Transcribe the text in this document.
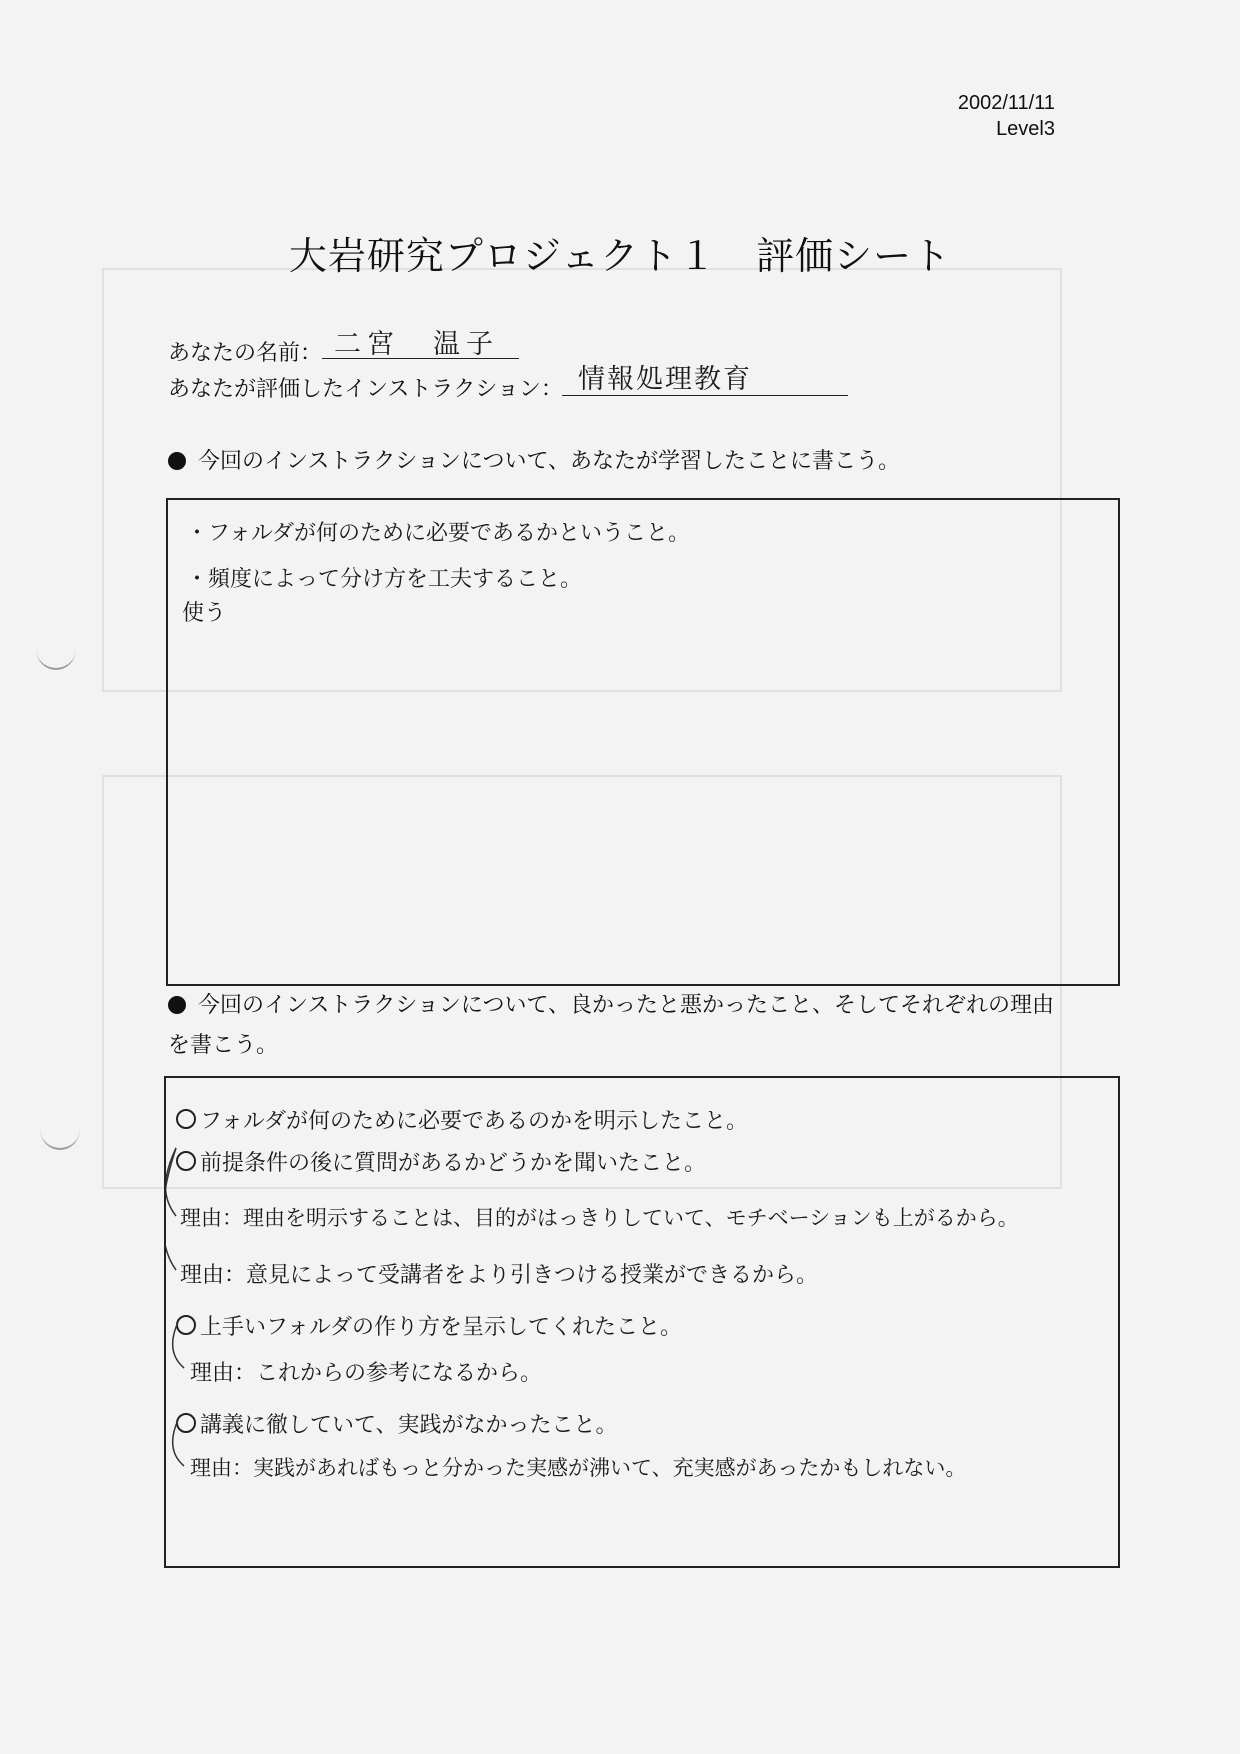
2002/11/11
Level3
大岩研究プロジェクト１　評価シート
あなたの名前： 二宮　温子
あなたが評価したインストラクション： 情報処理教育
今回のインストラクションについて、あなたが学習したことに書こう。
・フォルダが何のために必要であるかということ。
・頻度によって分け方を工夫すること。
使う
今回のインストラクションについて、良かったと悪かったこと、そしてそれぞれの理由
を書こう。
フォルダが何のために必要であるのかを明示したこと。
前提条件の後に質問があるかどうかを聞いたこと。
理由：理由を明示することは、目的がはっきりしていて、モチベーションも上がるから。
理由：意見によって受講者をより引きつける授業ができるから。
上手いフォルダの作り方を呈示してくれたこと。
理由：これからの参考になるから。
講義に徹していて、実践がなかったこと。
理由：実践があればもっと分かった実感が沸いて、充実感があったかもしれない。
